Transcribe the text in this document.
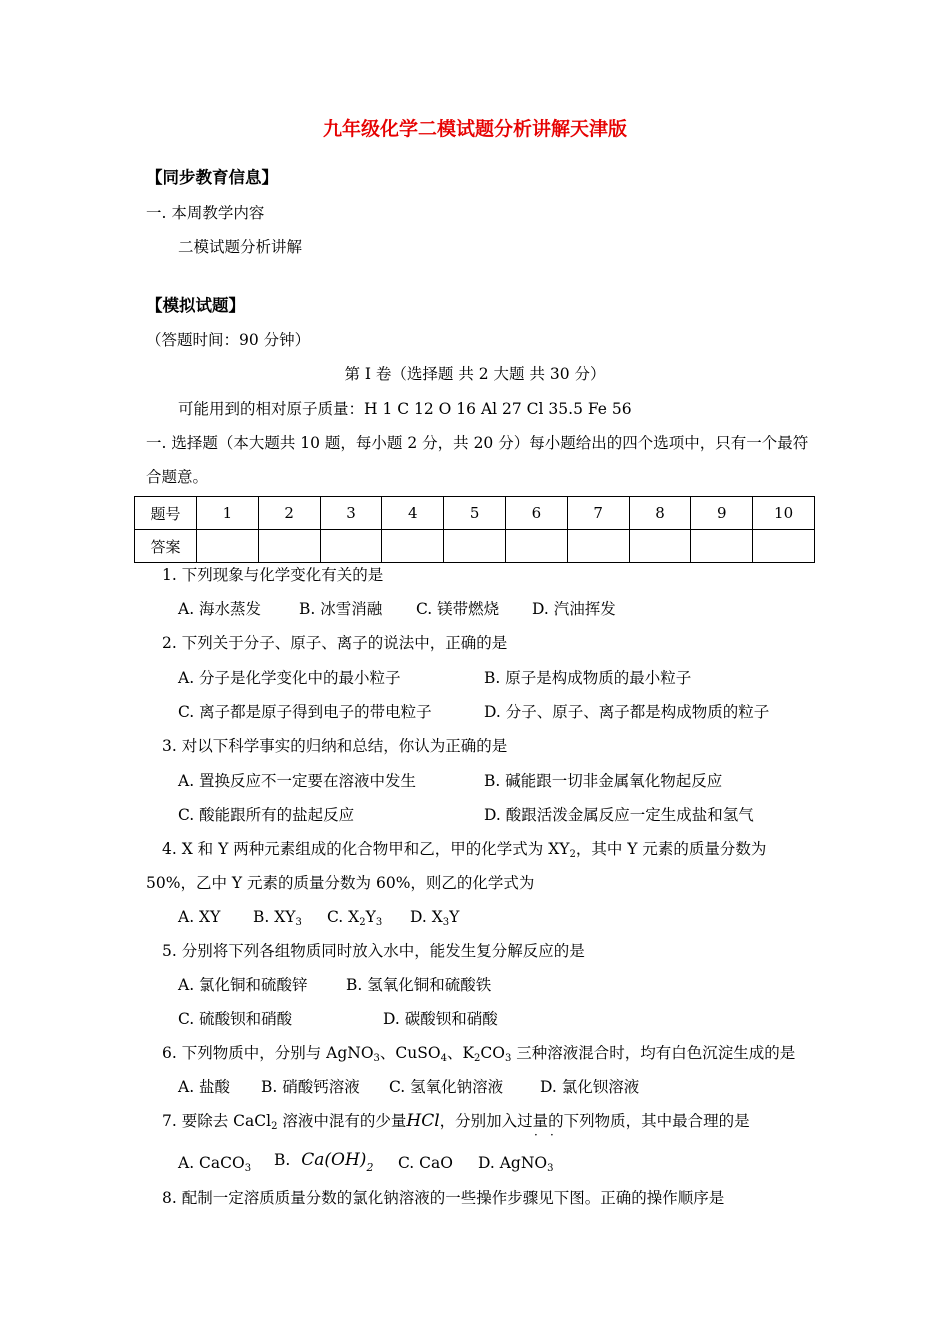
九年级化学二模试题分析讲解天津版
【同步教育信息】
一. 本周教学内容
二模试题分析讲解
【模拟试题】
（答题时间：90 分钟）
第 I 卷（选择题 共 2 大题 共 30 分）
可能用到的相对原子质量：H 1 C 12 O 16 Al 27 Cl 35.5 Fe 56
一. 选择题（本大题共 10 题，每小题 2 分，共 20 分）每小题给出的四个选项中，只有一个最符
合题意。
题号	1	2	3	4	5	6	7	8	9	10
答案										
1. 下列现象与化学变化有关的是
A. 海水蒸发 B. 冰雪消融 C. 镁带燃烧 D. 汽油挥发
2. 下列关于分子、原子、离子的说法中，正确的是
A. 分子是化学变化中的最小粒子	B. 原子是构成物质的最小粒子
C. 离子都是原子得到电子的带电粒子	D. 分子、原子、离子都是构成物质的粒子
3. 对以下科学事实的归纳和总结，你认为正确的是
A. 置换反应不一定要在溶液中发生	B. 碱能跟一切非金属氧化物起反应
C. 酸能跟所有的盐起反应	D. 酸跟活泼金属反应一定生成盐和氢气
4. X 和 Y 两种元素组成的化合物甲和乙，甲的化学式为 $XY_2$，其中 Y 元素的质量分数为
50%，乙中 Y 元素的质量分数为 60%，则乙的化学式为
A. XY B. $XY_3$ C. $X_2Y_3$ D. $X_3Y$
5. 分别将下列各组物质同时放入水中，能发生复分解反应的是
A. 氯化铜和硫酸锌 B. 氢氧化铜和硫酸铁
C. 硫酸钡和硝酸	D. 碳酸钡和硝酸
6. 下列物质中，分别与 AgNO$_3$、CuSO$_4$、$K_2CO_3$ 三种溶液混合时，均有白色沉淀生成的是
A. 盐酸 B. 硝酸钙溶液 C. 氢氧化钠溶液 D. 氯化钡溶液
7. 要除去 CaCl$_2$ 溶液中混有的少量HCl，分别加入过量的下列物质，其中最合理的是
· ·
A. CaCO$_3$ B. $Ca(OH)_2$ C. CaO D. AgNO$_3$
8. 配制一定溶质质量分数的氯化钠溶液的一些操作步骤见下图。正确的操作顺序是
